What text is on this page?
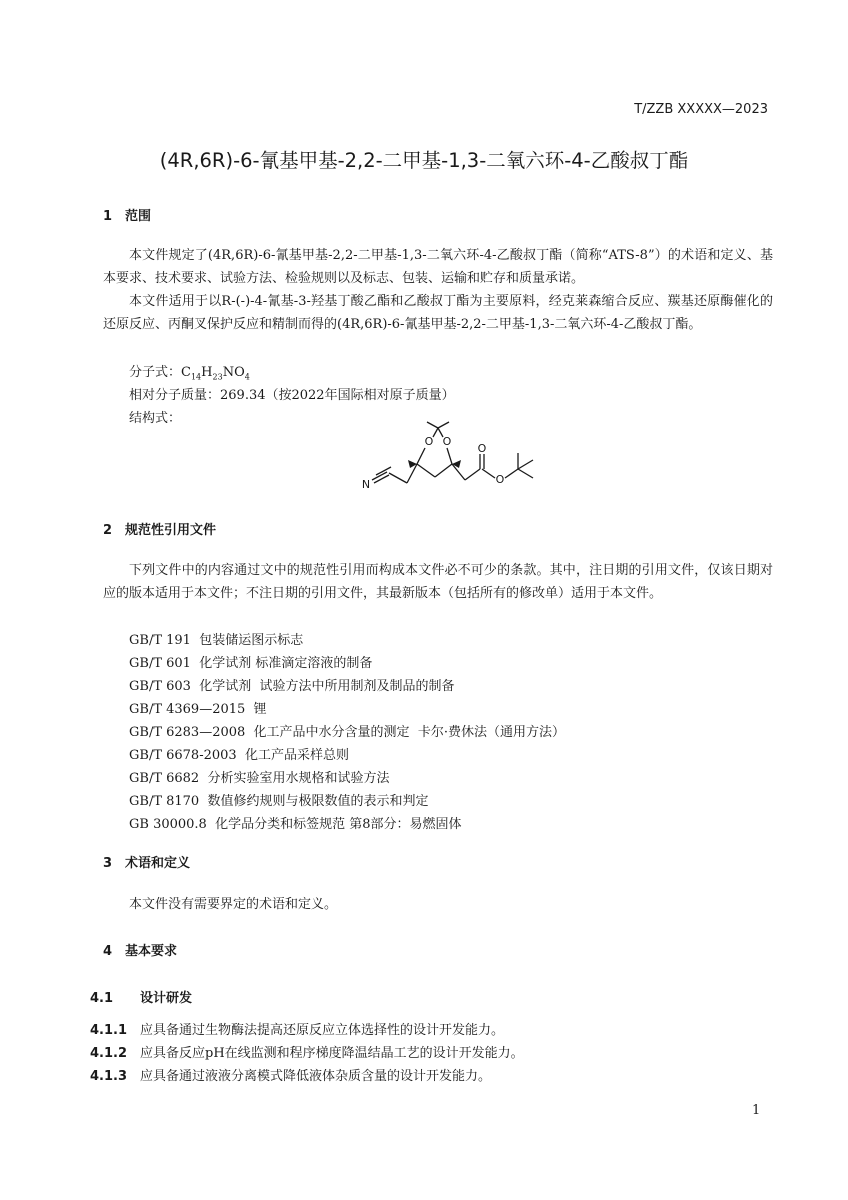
T/ZZB XXXXX—2023
(4R,6R)-6-氰基甲基-2,2-二甲基-1,3-二氧六环-4-乙酸叔丁酯
1 范围
本文件规定了(4R,6R)-6-氰基甲基-2,2-二甲基-1,3-二氧六环-4-乙酸叔丁酯（简称“ATS-8”）的术语和定义、基本要求、技术要求、试验方法、检验规则以及标志、包装、运输和贮存和质量承诺。
本文件适用于以R-(-)-4-氰基-3-羟基丁酸乙酯和乙酸叔丁酯为主要原料，经克莱森缩合反应、羰基还原酶催化的还原反应、丙酮叉保护反应和精制而得的(4R,6R)-6-氰基甲基-2,2-二甲基-1,3-二氧六环-4-乙酸叔丁酯。
分子式：$C_{14}H_{23}NO_4$
相对分子质量：269.34（按2022年国际相对原子质量）
结构式：
N
O O
O
O
2 规范性引用文件
下列文件中的内容通过文中的规范性引用而构成本文件必不可少的条款。其中，注日期的引用文件，仅该日期对应的版本适用于本文件；不注日期的引用文件，其最新版本（包括所有的修改单）适用于本文件。
GB/T 191  包装储运图示标志
GB/T 601  化学试剂 标准滴定溶液的制备
GB/T 603  化学试剂  试验方法中所用制剂及制品的制备
GB/T 4369—2015  锂
GB/T 6283—2008  化工产品中水分含量的测定  卡尔·费休法（通用方法）
GB/T 6678-2003  化工产品采样总则
GB/T 6682  分析实验室用水规格和试验方法
GB/T 8170  数值修约规则与极限数值的表示和判定
GB 30000.8  化学品分类和标签规范 第8部分：易燃固体
3 术语和定义
本文件没有需要界定的术语和定义。
4 基本要求
4.1 设计研发
4.1.1 应具备通过生物酶法提高还原反应立体选择性的设计开发能力。
4.1.2 应具备反应pH在线监测和程序梯度降温结晶工艺的设计开发能力。
4.1.3 应具备通过液液分离模式降低液体杂质含量的设计开发能力。
1
